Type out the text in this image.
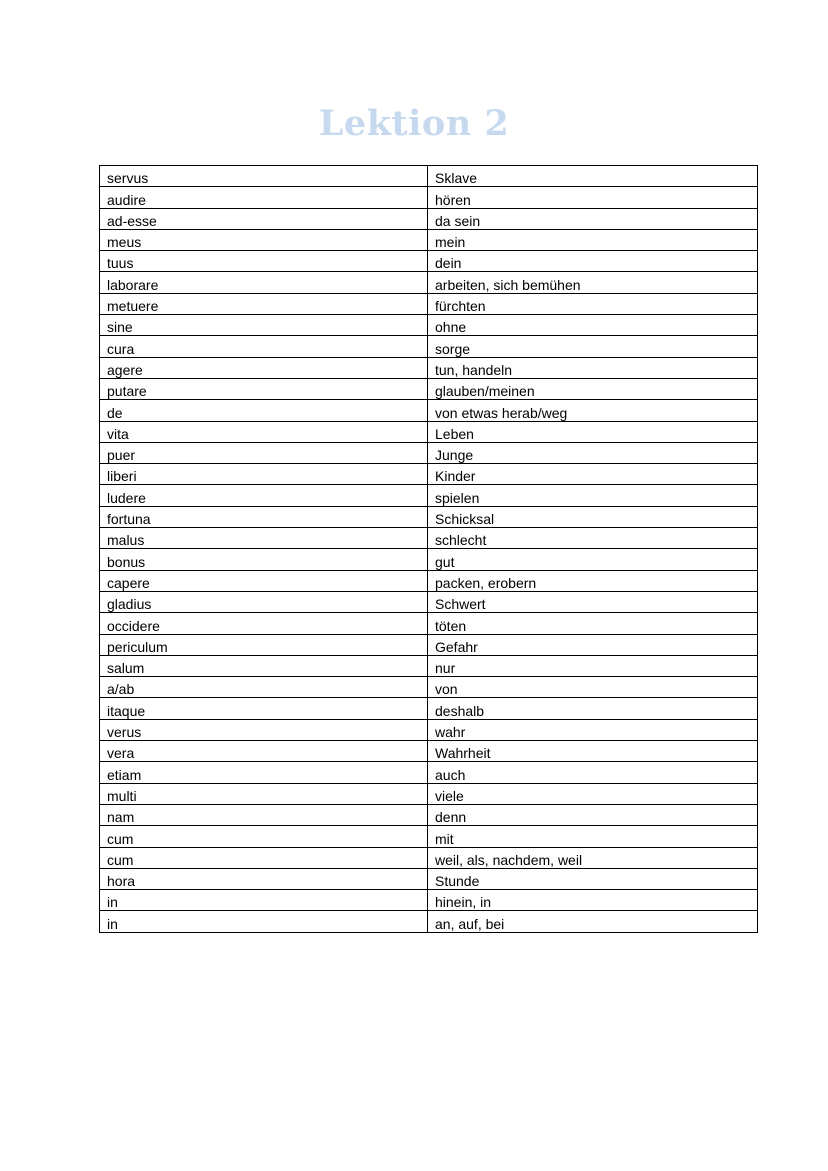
Lektion 2
servus	Sklave
audire	hören
ad-esse	da sein
meus	mein
tuus	dein
laborare	arbeiten, sich bemühen
metuere	fürchten
sine	ohne
cura	sorge
agere	tun, handeln
putare	glauben/meinen
de	von etwas herab/weg
vita	Leben
puer	Junge
liberi	Kinder
ludere	spielen
fortuna	Schicksal
malus	schlecht
bonus	gut
capere	packen, erobern
gladius	Schwert
occidere	töten
periculum	Gefahr
salum	nur
a/ab	von
itaque	deshalb
verus	wahr
vera	Wahrheit
etiam	auch
multi	viele
nam	denn
cum	mit
cum	weil, als, nachdem, weil
hora	Stunde
in	hinein, in
in	an, auf, bei
